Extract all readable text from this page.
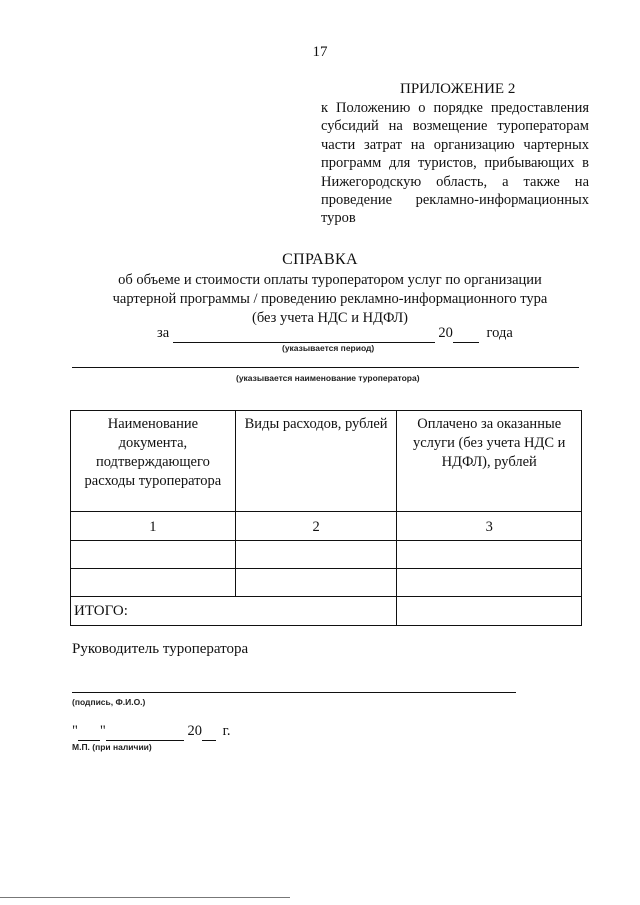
17
ПРИЛОЖЕНИЕ 2
к Положению о порядке предоставления
субсидий на возмещение туроператорам
части затрат на организацию чартерных
программ для туристов, прибывающих в
Нижегородскую область, а также на
проведение рекламно-информационных
туров
СПРАВКА
об объеме и стоимости оплаты туроператором услуг по организации
чартерной программы / проведению рекламно-информационного тура
(без учета НДС и НДФЛ)
за	20 года
(указывается период)
(указывается наименование туроператора)
Наименование документа, подтверждающего расходы туроператора	Виды расходов, рублей	Оплачено за оказанные услуги (без учета НДС и НДФЛ), рублей
1	2	3

ИТОГО:		
Руководитель туроператора
(подпись, Ф.И.О.)
" "	20 г.
М.П. (при наличии)
